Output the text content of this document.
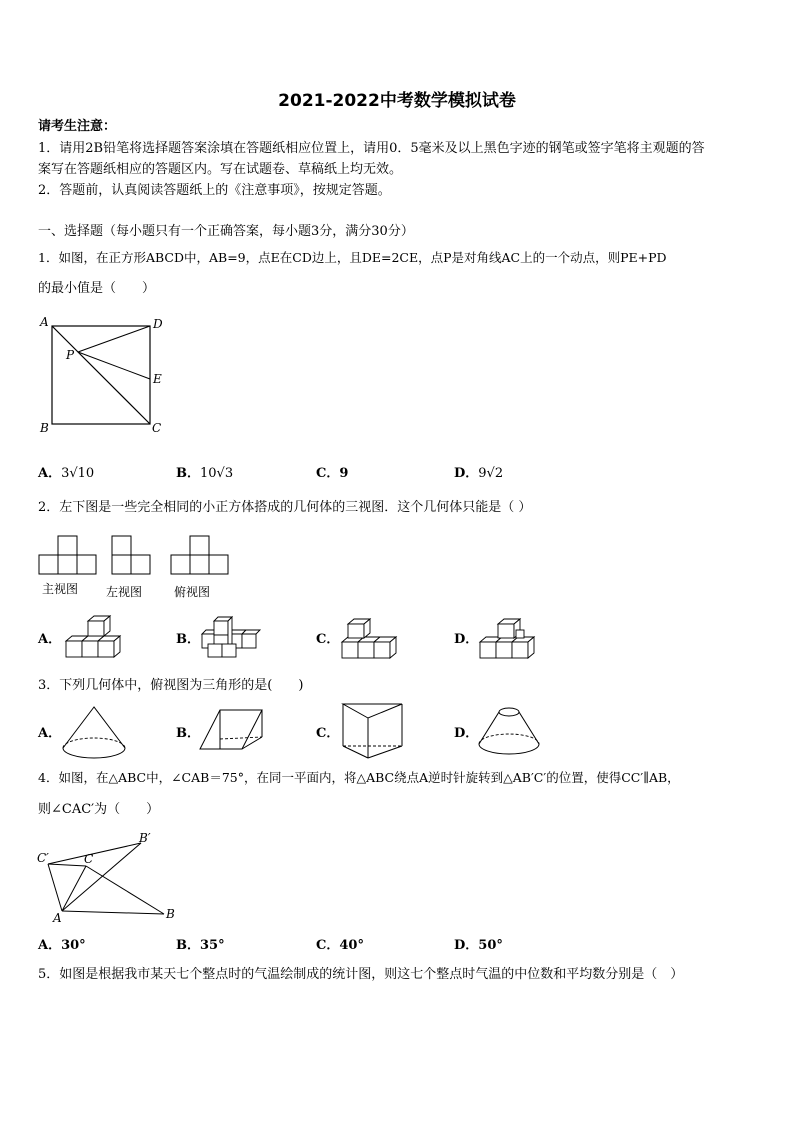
2021-2022中考数学模拟试卷
请考生注意：
1．请用2B铅笔将选择题答案涂填在答题纸相应位置上，请用0．5毫米及以上黑色字迹的钢笔或签字笔将主观题的答
案写在答题纸相应的答题区内。写在试题卷、草稿纸上均无效。
2．答题前，认真阅读答题纸上的《注意事项》，按规定答题。
一、选择题（每小题只有一个正确答案，每小题3分，满分30分）
1．如图，在正方形ABCD中，AB=9，点E在CD边上，且DE=2CE，点P是对角线AC上的一个动点，则PE+PD
的最小值是（　　）
A	D
P
E
B	C
A．3√10	B．10√3	C．9	D．9√2
2．左下图是一些完全相同的小正方体搭成的几何体的三视图．这个几何体只能是（ ）
主视图 左视图	俯视图
A．	B．	C．	D．
3．下列几何体中，俯视图为三角形的是(　　)
A．	B．	C．	D．
4．如图，在△ABC中，∠CAB＝75°，在同一平面内，将△ABC绕点A逆时针旋转到△AB′C′的位置，使得CC′∥AB，
则∠CAC′为（　　）
C′	C
B′
A	B
A．30°	B．35°	C．40°	D．50°
5．如图是根据我市某天七个整点时的气温绘制成的统计图，则这七个整点时气温的中位数和平均数分别是（　）
